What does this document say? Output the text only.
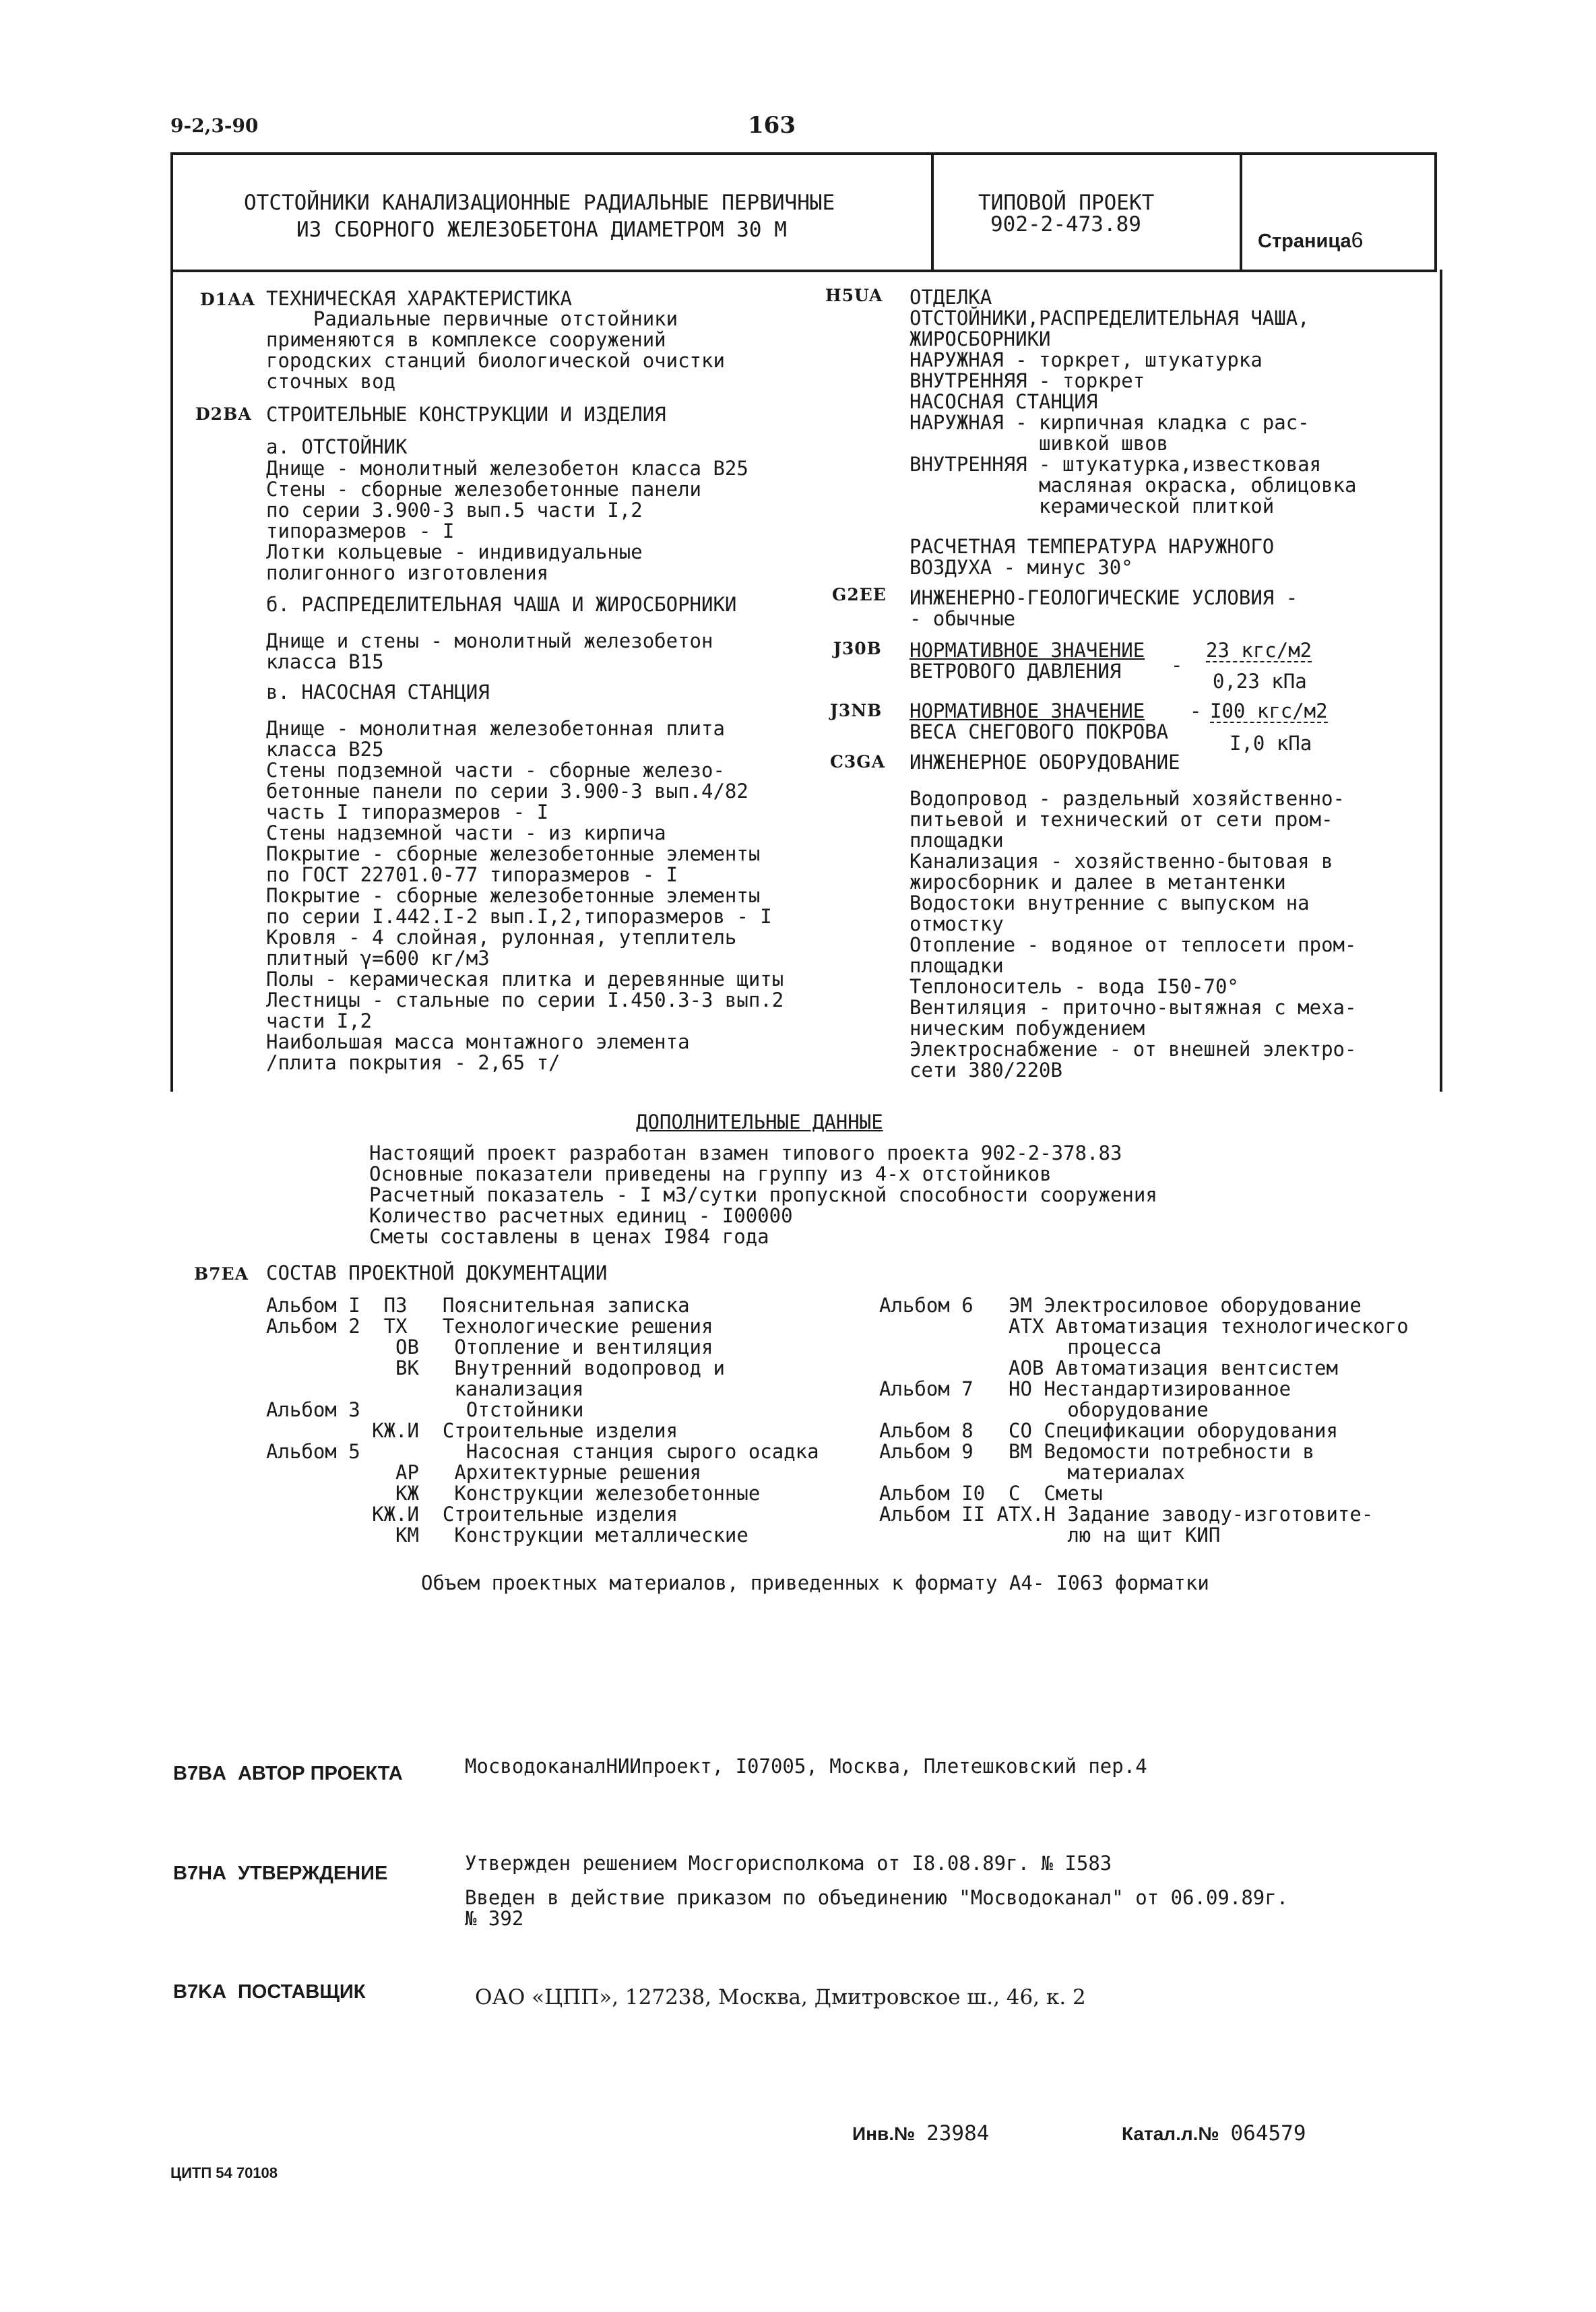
9-2,3-90	163
ОТСТОЙНИКИ КАНАЛИЗАЦИОННЫЕ РАДИАЛЬНЫЕ ПЕРВИЧНЫЕ
ИЗ СБОРНОГО ЖЕЛЕЗОБЕТОНА ДИАМЕТРОМ 30 М
ТИПОВОЙ ПРОЕКТ
902-2-473.89
Страница6
D1AA ТЕХНИЧЕСКАЯ ХАРАКТЕРИСТИКА
Радиальные первичные отстойники
применяются в комплексе сооружений
городских станций биологической очистки
сточных вод
D2BA СТРОИТЕЛЬНЫЕ КОНСТРУКЦИИ И ИЗДЕЛИЯ
а. ОТСТОЙНИК
Днище - монолитный железобетон класса В25
Стены - сборные железобетонные панели
по серии 3.900-3 вып.5 части I,2
типоразмеров - I
Лотки кольцевые - индивидуальные
полигонного изготовления
б. РАСПРЕДЕЛИТЕЛЬНАЯ ЧАША И ЖИРОСБОРНИКИ
Днище и стены - монолитный железобетон
класса В15
в. НАСОСНАЯ СТАНЦИЯ
Днище - монолитная железобетонная плита
класса В25
Стены подземной части - сборные железо-
бетонные панели по серии 3.900-3 вып.4/82
часть I типоразмеров - I
Стены надземной части - из кирпича
Покрытие - сборные железобетонные элементы
по ГОСТ 22701.0-77 типоразмеров - I
Покрытие - сборные железобетонные элементы
по серии I.442.I-2 вып.I,2,типоразмеров - I
Кровля - 4 слойная, рулонная, утеплитель
плитный γ=600 кг/м3
Полы - керамическая плитка и деревянные щиты
Лестницы - стальные по серии I.450.3-3 вып.2
части I,2
Наибольшая масса монтажного элемента
/плита покрытия - 2,65 т/
H5UA ОТДЕЛКА
ОТСТОЙНИКИ,РАСПРЕДЕЛИТЕЛЬНАЯ ЧАША,
ЖИРОСБОРНИКИ
НАРУЖНАЯ - торкрет, штукатурка
ВНУТРЕННЯЯ - торкрет
НАСОСНАЯ СТАНЦИЯ
НАРУЖНАЯ - кирпичная кладка с рас-
шивкой швов
ВНУТРЕННЯЯ - штукатурка,известковая
масляная окраска, облицовка
керамической плиткой
РАСЧЕТНАЯ ТЕМПЕРАТУРА НАРУЖНОГО
ВОЗДУХА - минус 30°
G2EE ИНЖЕНЕРНО-ГЕОЛОГИЧЕСКИЕ УСЛОВИЯ -
- обычные
J30B НОРМАТИВНОЕ ЗНАЧЕНИЕ
ВЕТРОВОГО ДАВЛЕНИЯ	-
23 кгс/м2
0,23 кПа
J3NB НОРМАТИВНОЕ ЗНАЧЕНИЕ
ВЕСА СНЕГОВОГО ПОКРОВА
- I00 кгс/м2
I,0 кПа
C3GA ИНЖЕНЕРНОЕ ОБОРУДОВАНИЕ
Водопровод - раздельный хозяйственно-
питьевой и технический от сети пром-
площадки
Канализация - хозяйственно-бытовая в
жиросборник и далее в метантенки
Водостоки внутренние с выпуском на
отмостку
Отопление - водяное от теплосети пром-
площадки
Теплоноситель - вода I50-70°
Вентиляция - приточно-вытяжная с меха-
ническим побуждением
Электроснабжение - от внешней электро-
сети 380/220В
ДОПОЛНИТЕЛЬНЫЕ ДАННЫЕ
Настоящий проект разработан взамен типового проекта 902-2-378.83
Основные показатели приведены на группу из 4-х отстойников
Расчетный показатель - I м3/сутки пропускной способности сооружения
Количество расчетных единиц - I00000
Сметы составлены в ценах I984 года
B7EA СОСТАВ ПРОЕКТНОЙ ДОКУМЕНТАЦИИ
Альбом I  ПЗ   Пояснительная записка
Альбом 2  ТХ   Технологические решения
ОВ   Отопление и вентиляция
ВК   Внутренний водопровод и
канализация
Альбом 3         Отстойники
КЖ.И  Строительные изделия
Альбом 5         Насосная станция сырого осадка
АР   Архитектурные решения
КЖ   Конструкции железобетонные
КЖ.И  Строительные изделия
КМ   Конструкции металлические
Альбом 6   ЭМ Электросиловое оборудование
АТХ Автоматизация технологического
процесса
АОВ Автоматизация вентсистем
Альбом 7   НО Нестандартизированное
оборудование
Альбом 8   СО Спецификации оборудования
Альбом 9   ВМ Ведомости потребности в
материалах
Альбом I0  С  Сметы
Альбом II АТХ.Н Задание заводу-изготовите-
лю на щит КИП
Объем проектных материалов, приведенных к формату А4- I063 форматки
B7BA АВТОР ПРОЕКТА	МосводоканалНИИпроект, I07005, Москва, Плетешковский пер.4
B7HA УТВЕРЖДЕНИЕ	Утвержден решением Мосгорисполкома от I8.08.89г. № I583
Введен в действие приказом по объединению "Мосводоканал" от 06.09.89г.
№ 392
B7KA ПОСТАВЩИК	ОАО «ЦПП», 127238, Москва, Дмитровское ш., 46, к. 2
Инв.№ 23984	Катал.л.№ 064579
ЦИТП 54 70108
